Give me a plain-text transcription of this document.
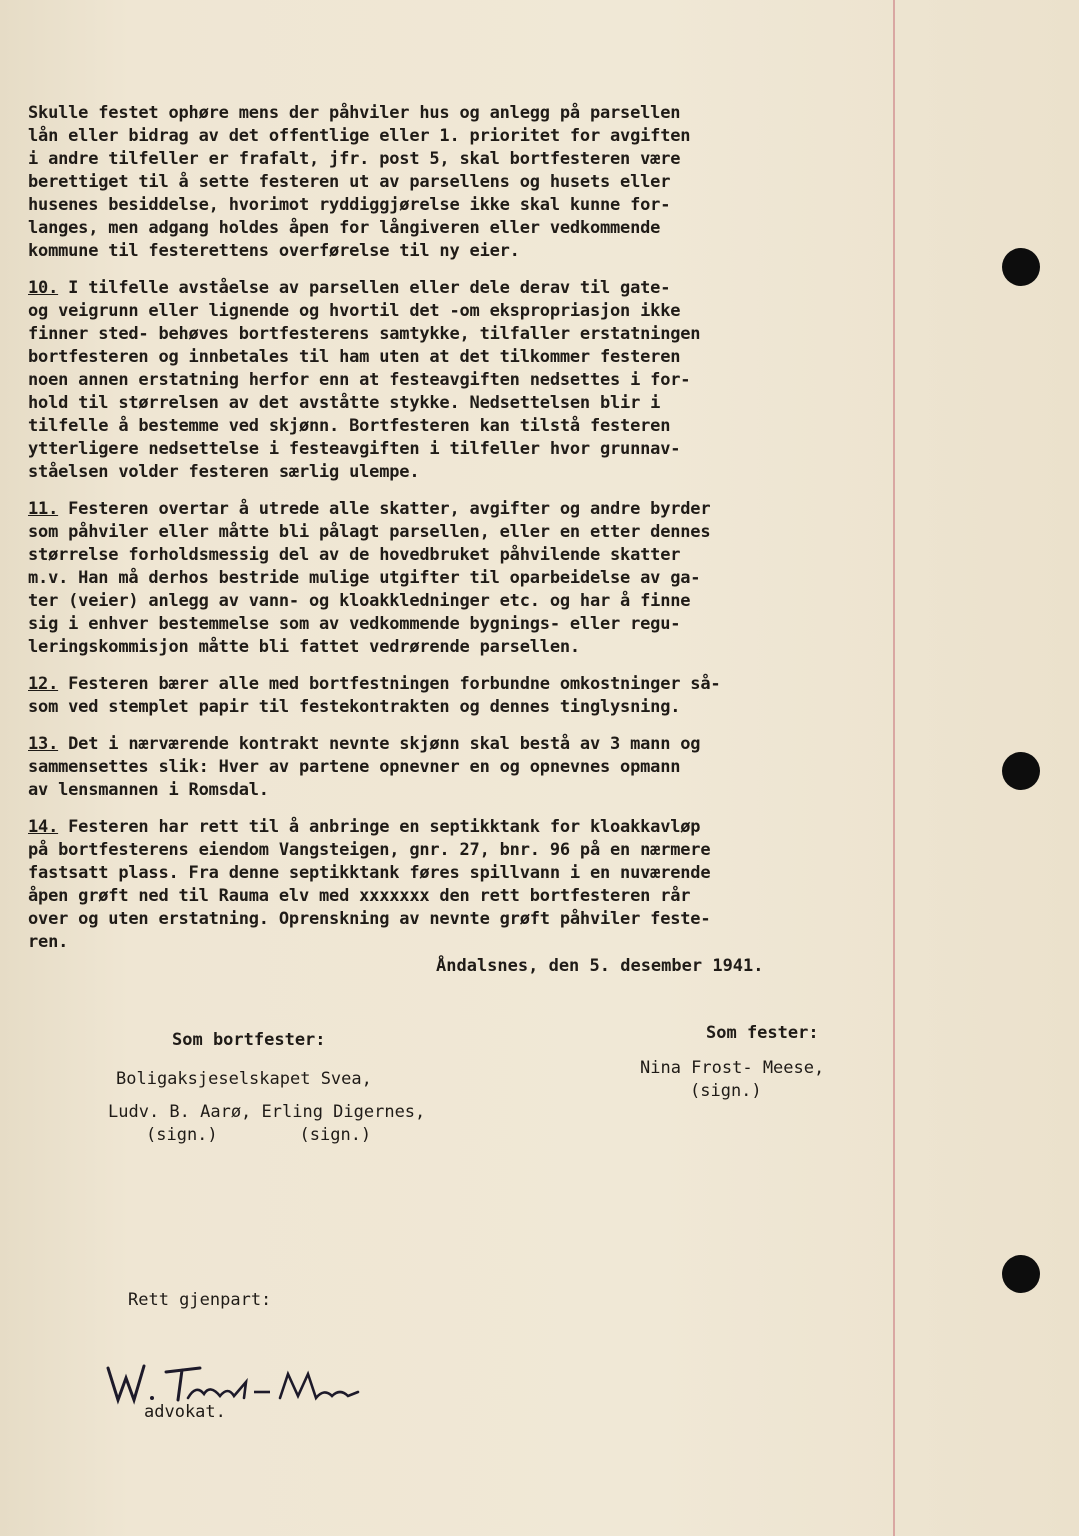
Skulle festet ophøre mens der påhviler hus og anlegg på parsellen
lån eller bidrag av det offentlige eller 1. prioritet for avgiften
i andre tilfeller er frafalt, jfr. post 5, skal bortfesteren være
berettiget til å sette festeren ut av parsellens og husets eller
husenes besiddelse, hvorimot ryddiggjørelse ikke skal kunne for-
langes, men adgang holdes åpen for långiveren eller vedkommende
kommune til festerettens overførelse til ny eier.
10. I tilfelle avståelse av parsellen eller dele derav til gate-
og veigrunn eller lignende og hvortil det -om ekspropriasjon ikke
finner sted- behøves bortfesterens samtykke, tilfaller erstatningen
bortfesteren og innbetales til ham uten at det tilkommer festeren
noen annen erstatning herfor enn at festeavgiften nedsettes i for-
hold til størrelsen av det avståtte stykke. Nedsettelsen blir i
tilfelle å bestemme ved skjønn. Bortfesteren kan tilstå festeren
ytterligere nedsettelse i festeavgiften i tilfeller hvor grunnav-
ståelsen volder festeren særlig ulempe.
11. Festeren overtar å utrede alle skatter, avgifter og andre byrder
som påhviler eller måtte bli pålagt parsellen, eller en etter dennes
størrelse forholdsmessig del av de hovedbruket påhvilende skatter
m.v. Han må derhos bestride mulige utgifter til oparbeidelse av ga-
ter (veier) anlegg av vann- og kloakkledninger etc. og har å finne
sig i enhver bestemmelse som av vedkommende bygnings- eller regu-
leringskommisjon måtte bli fattet vedrørende parsellen.
12. Festeren bærer alle med bortfestningen forbundne omkostninger så-
som ved stemplet papir til festekontrakten og dennes tinglysning.
13. Det i nærværende kontrakt nevnte skjønn skal bestå av 3 mann og
sammensettes slik: Hver av partene opnevner en og opnevnes opmann
av lensmannen i Romsdal.
14. Festeren har rett til å anbringe en septikktank for kloakkavløp
på bortfesterens eiendom Vangsteigen, gnr. 27, bnr. 96 på en nærmere
fastsatt plass. Fra denne septikktank føres spillvann i en nuværende
åpen grøft ned til Rauma elv med xxxxxxx den rett bortfesteren rår
over og uten erstatning. Oprenskning av nevnte grøft påhviler feste-
ren.
Åndalsnes, den 5. desember 1941.
Som bortfester:	Som fester:
Boligaksjeselskapet Svea,
Ludv. B. Aarø, Erling Digernes,
(sign.)        (sign.)
Nina Frost- Meese,
(sign.)
Rett gjenpart:
advokat.
